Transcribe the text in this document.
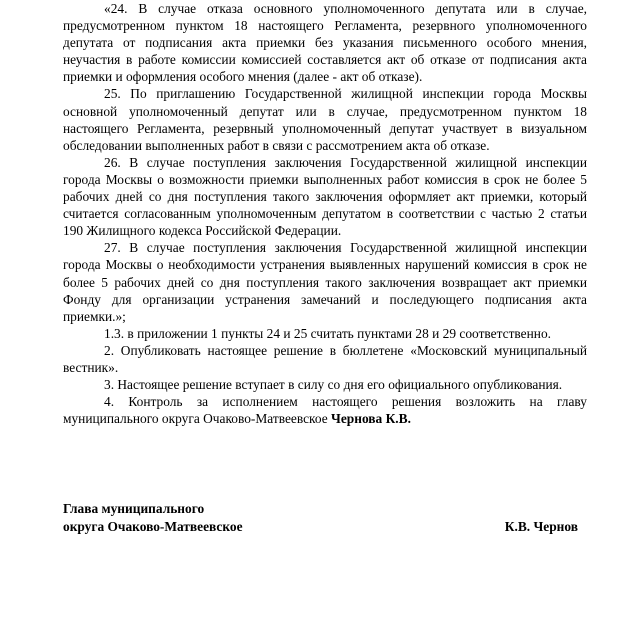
«24. В случае отказа основного уполномоченного депутата или в случае, предусмотренном пунктом 18 настоящего Регламента, резервного уполномоченного депутата от подписания акта приемки без указания письменного особого мнения, неучастия в работе комиссии комиссией составляется акт об отказе от подписания акта приемки и оформления особого мнения (далее - акт об отказе).

25. По приглашению Государственной жилищной инспекции города Москвы основной уполномоченный депутат или в случае, предусмотренном пунктом 18 настоящего Регламента, резервный уполномоченный депутат участвует в визуальном обследовании выполненных работ в связи с рассмотрением акта об отказе.

26. В случае поступления заключения Государственной жилищной инспекции города Москвы о возможности приемки выполненных работ комиссия в срок не более 5 рабочих дней со дня поступления такого заключения оформляет акт приемки, который считается согласованным уполномоченным депутатом в соответствии с частью 2 статьи 190 Жилищного кодекса Российской Федерации.

27. В случае поступления заключения Государственной жилищной инспекции города Москвы о необходимости устранения выявленных нарушений комиссия в срок не более 5 рабочих дней со дня поступления такого заключения возвращает акт приемки Фонду для организации устранения замечаний и последующего подписания акта приемки.»;

1.3. в приложении 1 пункты 24 и 25 считать пунктами 28 и 29 соответственно.

2. Опубликовать настоящее решение в бюллетене «Московский муниципальный вестник».

3. Настоящее решение вступает в силу со дня его официального опубликования.

4. Контроль за исполнением настоящего решения возложить на главу муниципального округа Очаково-Матвеевское Чернова К.В.

Глава муниципального
округа Очаково-Матвеевское	К.В. Чернов
